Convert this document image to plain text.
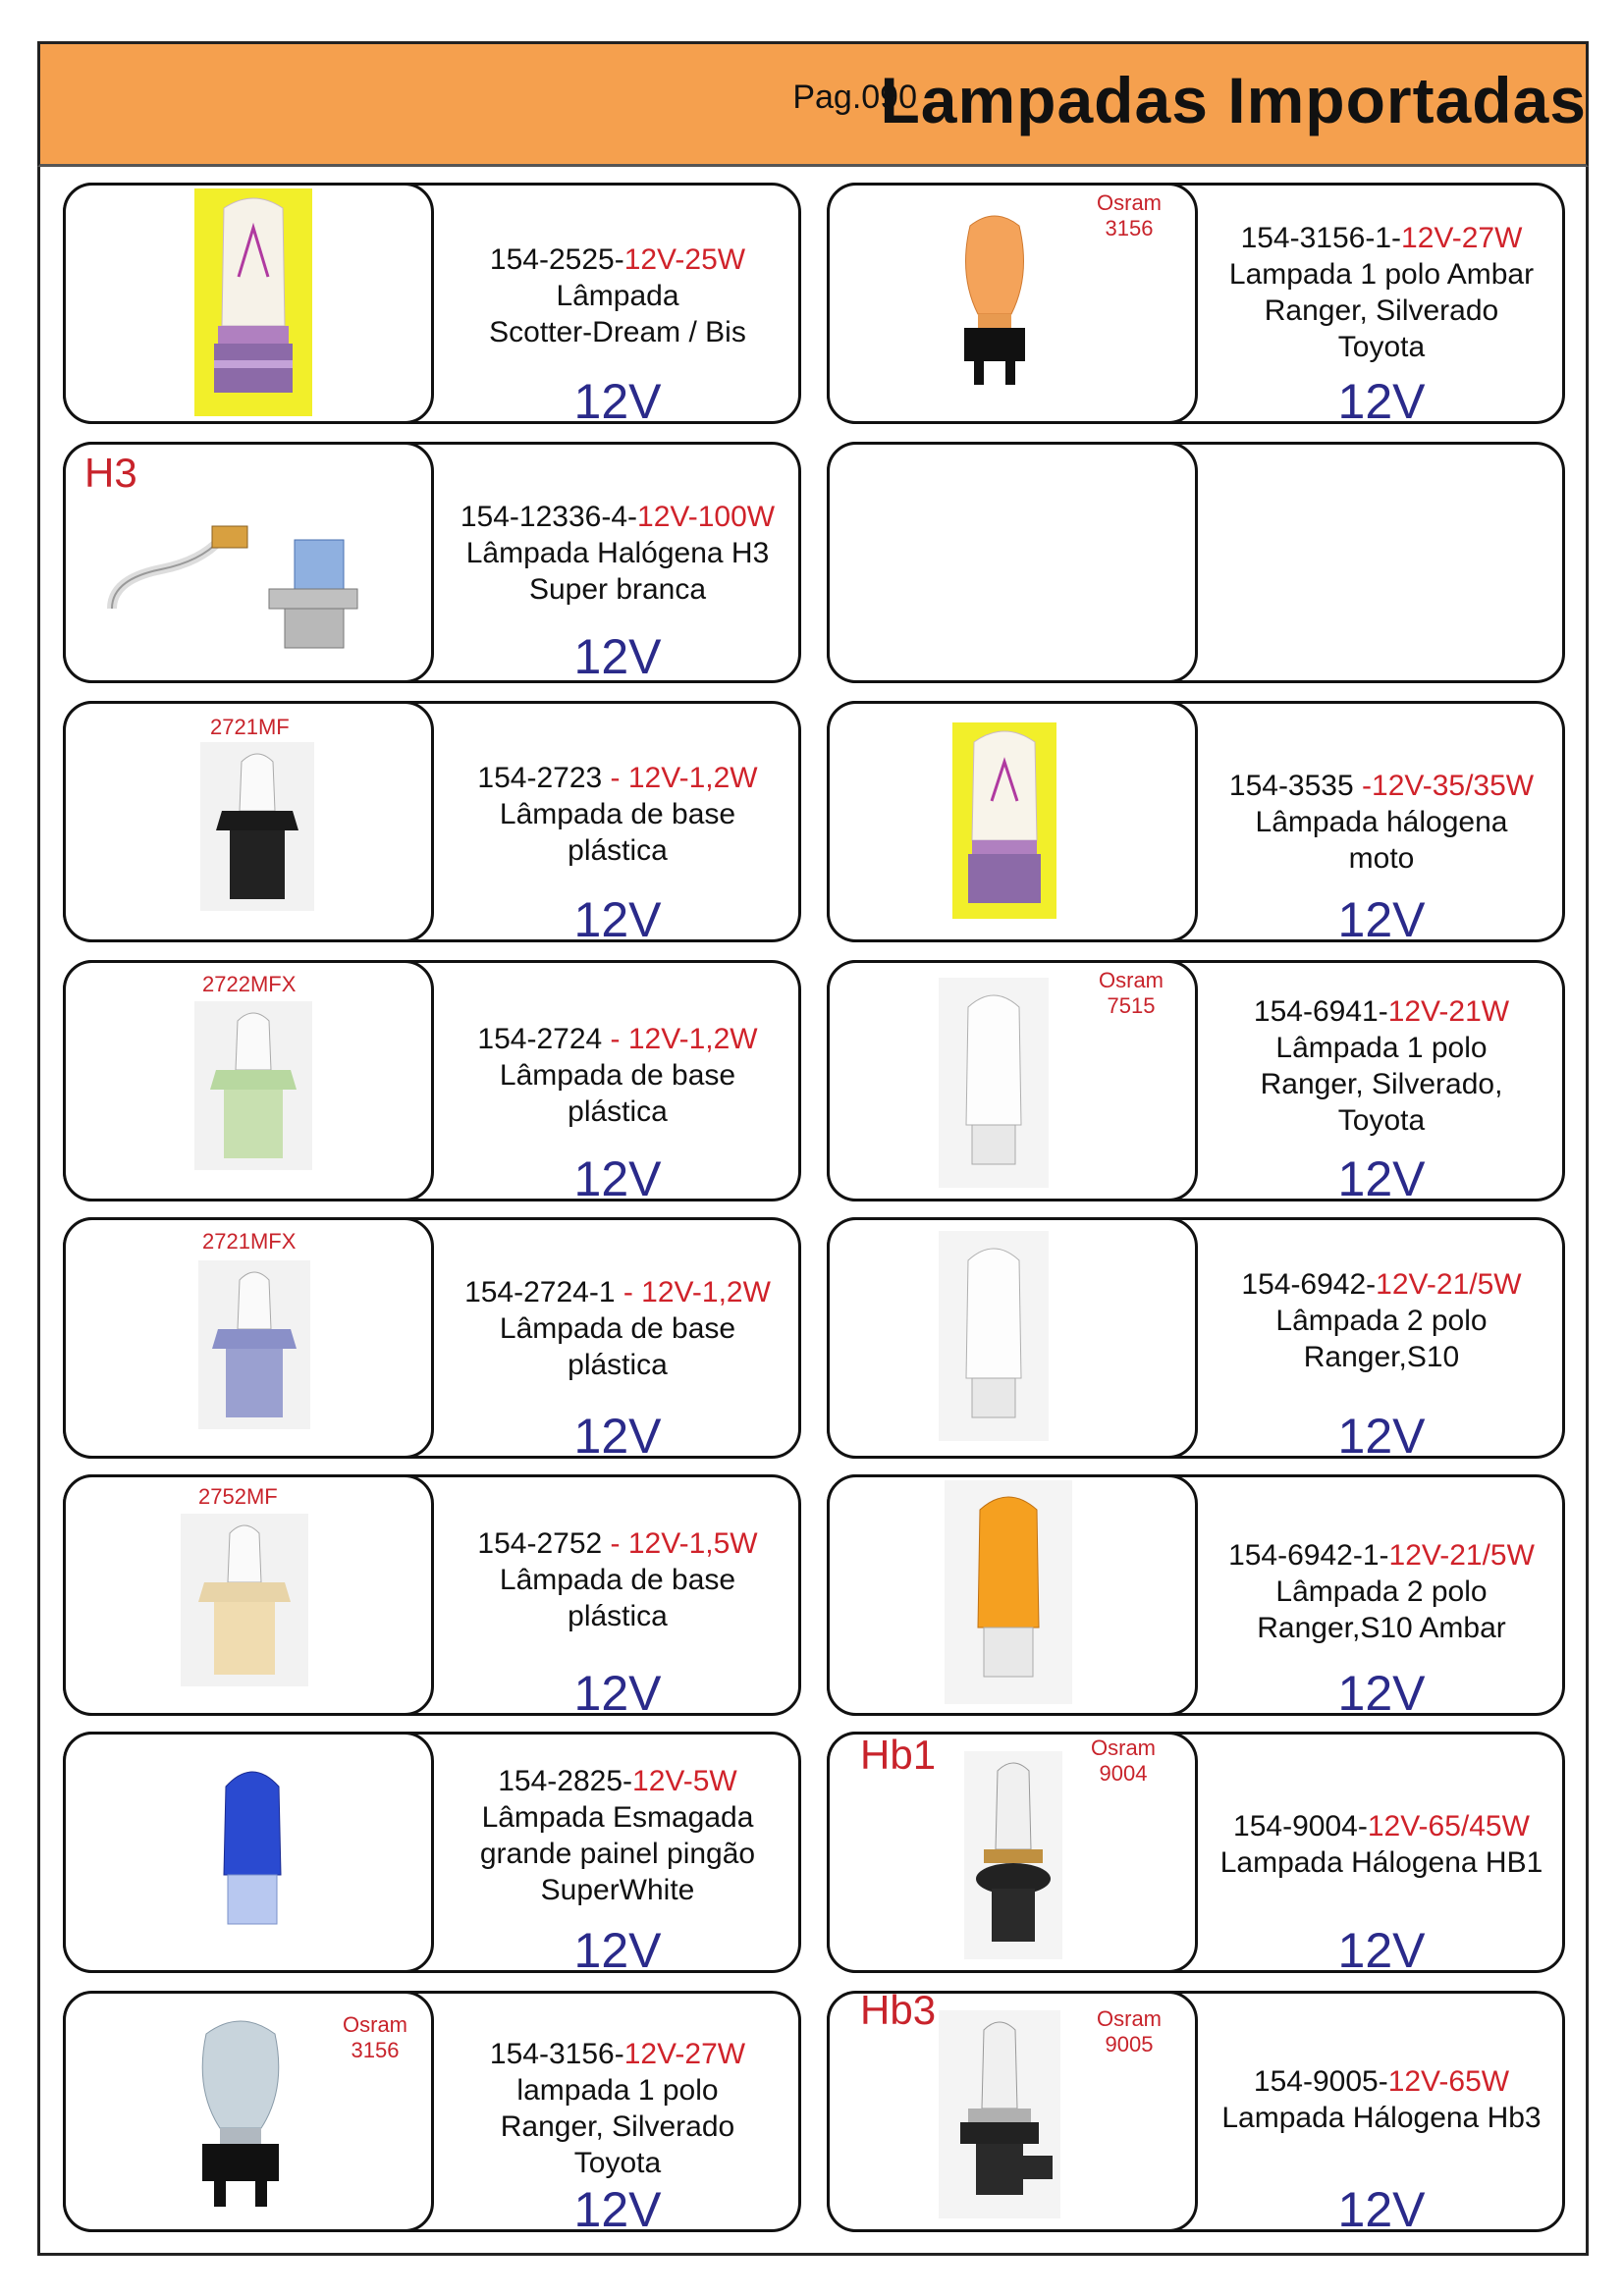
Pag.090
Lampadas Importadas
154-2525-12V-25W
Lâmpada
Scotter-Dream / Bis
12V
Osram
3156	154-3156-1-12V-27W
Lampada 1 polo Ambar
Ranger, Silverado
Toyota
12V
H3
154-12336-4-12V-100W
Lâmpada Halógena H3
Super branca
12V
2721MF
154-2723 - 12V-1,2W
Lâmpada de base
plástica
12V
154-3535 -12V-35/35W
Lâmpada hálogena
moto
12V
2722MFX
154-2724 - 12V-1,2W
Lâmpada de base
plástica
12V
Osram
7515	154-6941-12V-21W
Lâmpada 1 polo
Ranger, Silverado,
Toyota
12V
2721MFX
154-2724-1 - 12V-1,2W
Lâmpada de base
plástica
12V
154-6942-12V-21/5W
Lâmpada 2 polo
Ranger,S10
12V
2752MF
154-2752 - 12V-1,5W
Lâmpada de base
plástica
12V
154-6942-1-12V-21/5W
Lâmpada 2 polo
Ranger,S10 Ambar
12V
154-2825-12V-5W
Lâmpada Esmagada
grande painel pingão
SuperWhite
12V
Hb1	Osram
9004
154-9004-12V-65/45W
Lampada Hálogena HB1
12V
Osram
3156	154-3156-12V-27W
lampada 1 polo
Ranger, Silverado
Toyota
12V
Hb3	Osram
9005
154-9005-12V-65W
Lampada Hálogena Hb3
12V
